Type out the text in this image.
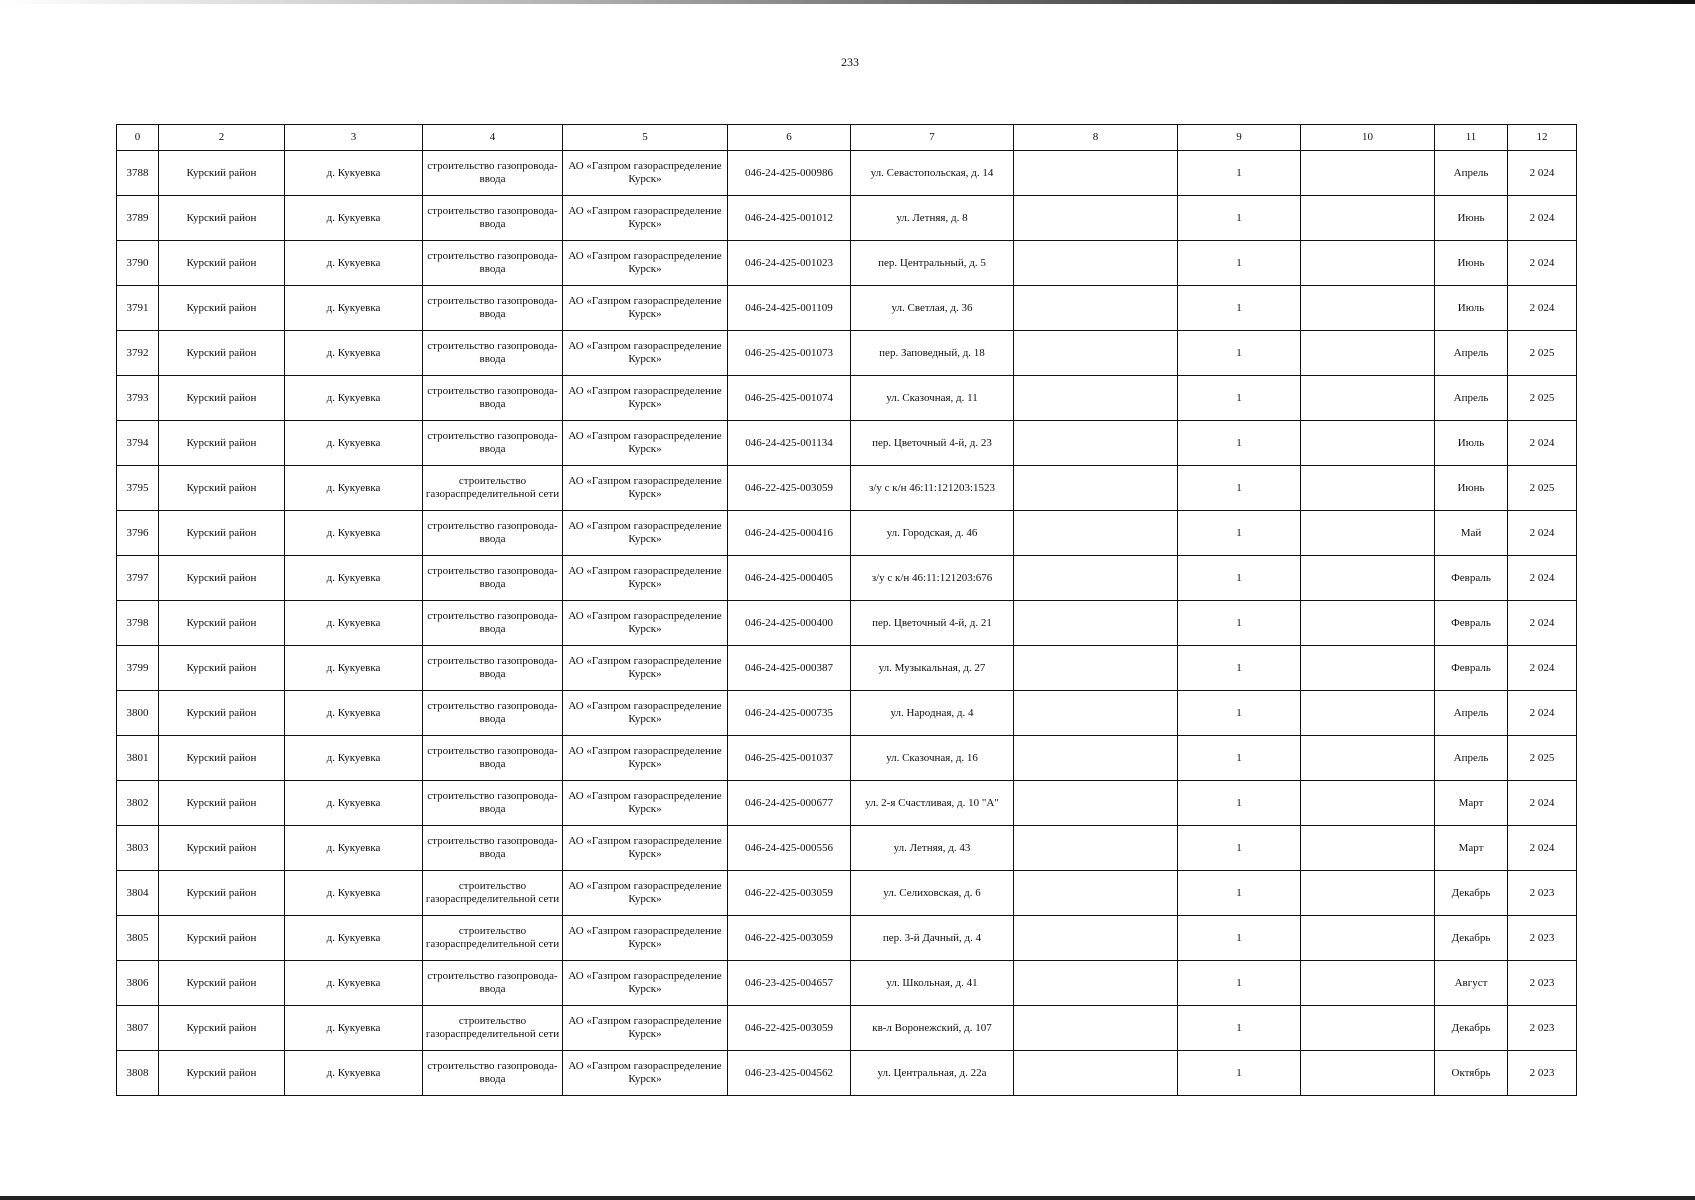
233
0	2	3	4	5	6	7	8	9	10	11	12
3788	Курский район	д. Кукуевка	строительство газопровода-ввода	АО «Газпром газораспределение Курск»	046-24-425-000986	ул. Севастопольская, д. 14		1		Апрель	2 024
3789	Курский район	д. Кукуевка	строительство газопровода-ввода	АО «Газпром газораспределение Курск»	046-24-425-001012	ул. Летняя, д. 8		1		Июнь	2 024
3790	Курский район	д. Кукуевка	строительство газопровода-ввода	АО «Газпром газораспределение Курск»	046-24-425-001023	пер. Центральный, д. 5		1		Июнь	2 024
3791	Курский район	д. Кукуевка	строительство газопровода-ввода	АО «Газпром газораспределение Курск»	046-24-425-001109	ул. Светлая, д. 36		1		Июль	2 024
3792	Курский район	д. Кукуевка	строительство газопровода-ввода	АО «Газпром газораспределение Курск»	046-25-425-001073	пер. Заповедный, д. 18		1		Апрель	2 025
3793	Курский район	д. Кукуевка	строительство газопровода-ввода	АО «Газпром газораспределение Курск»	046-25-425-001074	ул. Сказочная, д. 11		1		Апрель	2 025
3794	Курский район	д. Кукуевка	строительство газопровода-ввода	АО «Газпром газораспределение Курск»	046-24-425-001134	пер. Цветочный 4-й, д. 23		1		Июль	2 024
3795	Курский район	д. Кукуевка	строительство газораспределительной сети	АО «Газпром газораспределение Курск»	046-22-425-003059	з/у с к/н 46:11:121203:1523		1		Июнь	2 025
3796	Курский район	д. Кукуевка	строительство газопровода-ввода	АО «Газпром газораспределение Курск»	046-24-425-000416	ул. Городская, д. 46		1		Май	2 024
3797	Курский район	д. Кукуевка	строительство газопровода-ввода	АО «Газпром газораспределение Курск»	046-24-425-000405	з/у с к/н 46:11:121203:676		1		Февраль	2 024
3798	Курский район	д. Кукуевка	строительство газопровода-ввода	АО «Газпром газораспределение Курск»	046-24-425-000400	пер. Цветочный 4-й, д. 21		1		Февраль	2 024
3799	Курский район	д. Кукуевка	строительство газопровода-ввода	АО «Газпром газораспределение Курск»	046-24-425-000387	ул. Музыкальная, д. 27		1		Февраль	2 024
3800	Курский район	д. Кукуевка	строительство газопровода-ввода	АО «Газпром газораспределение Курск»	046-24-425-000735	ул. Народная, д. 4		1		Апрель	2 024
3801	Курский район	д. Кукуевка	строительство газопровода-ввода	АО «Газпром газораспределение Курск»	046-25-425-001037	ул. Сказочная, д. 16		1		Апрель	2 025
3802	Курский район	д. Кукуевка	строительство газопровода-ввода	АО «Газпром газораспределение Курск»	046-24-425-000677	ул. 2-я Счастливая, д. 10 "А"		1		Март	2 024
3803	Курский район	д. Кукуевка	строительство газопровода-ввода	АО «Газпром газораспределение Курск»	046-24-425-000556	ул. Летняя, д. 43		1		Март	2 024
3804	Курский район	д. Кукуевка	строительство газораспределительной сети	АО «Газпром газораспределение Курск»	046-22-425-003059	ул. Селиховская, д. 6		1		Декабрь	2 023
3805	Курский район	д. Кукуевка	строительство газораспределительной сети	АО «Газпром газораспределение Курск»	046-22-425-003059	пер. 3-й Дачный, д. 4		1		Декабрь	2 023
3806	Курский район	д. Кукуевка	строительство газопровода-ввода	АО «Газпром газораспределение Курск»	046-23-425-004657	ул. Школьная, д. 41		1		Август	2 023
3807	Курский район	д. Кукуевка	строительство газораспределительной сети	АО «Газпром газораспределение Курск»	046-22-425-003059	кв-л Воронежский, д. 107		1		Декабрь	2 023
3808	Курский район	д. Кукуевка	строительство газопровода-ввода	АО «Газпром газораспределение Курск»	046-23-425-004562	ул. Центральная, д. 22а		1		Октябрь	2 023
